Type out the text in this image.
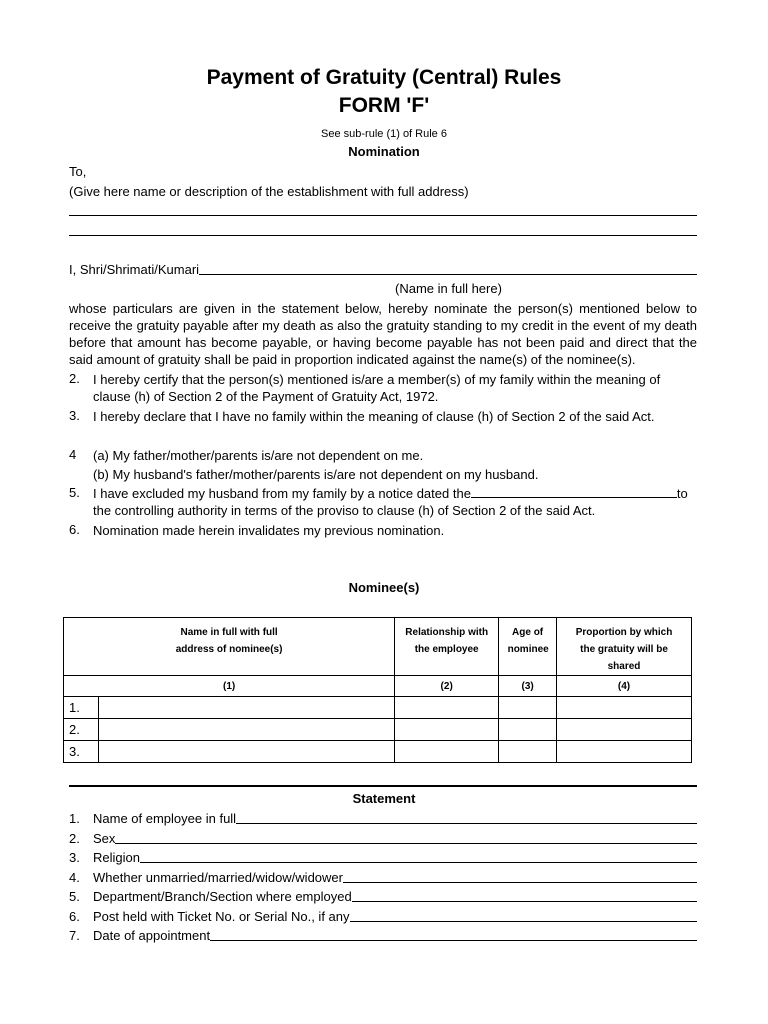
Payment of Gratuity (Central) Rules
FORM 'F'
See sub-rule (1) of Rule 6
Nomination
To,
(Give here name or description of the establishment with full address)
I, Shri/Shrimati/Kumari
(Name in full here)
whose particulars are given in the statement below, hereby nominate the person(s) mentioned below to receive the gratuity payable after my death as also the gratuity standing to my credit in the event of my death before that amount has become payable, or having become payable has not been paid and direct that the said amount of gratuity shall be paid in proportion indicated against the name(s) of the nominee(s).
2. I hereby certify that the person(s) mentioned is/are a member(s) of my family within the meaning of clause (h) of Section 2 of the Payment of Gratuity Act, 1972.
3. I hereby declare that I have no family within the meaning of clause (h) of Section 2 of the said Act.
4 (a) My father/mother/parents is/are not dependent on me.
(b) My husband's father/mother/parents is/are not dependent on my husband.
5. I have excluded my husband from my family by a notice dated the	to
the controlling authority in terms of the proviso to clause (h) of Section 2 of the said Act.
6. Nomination made herein invalidates my previous nomination.
Nominee(s)
Name in full with full address of nominee(s)		Relationship with the employee	Age of nominee	Proportion by which the gratuity will be shared

(1)		(2)	(3)	(4)
1.				
2.				
3.				
Statement
1.	Name of employee in full
2.	Sex
3.	Religion
4.	Whether unmarried/married/widow/widower
5.	Department/Branch/Section where employed
6.	Post held with Ticket No. or Serial No., if any
7.	Date of appointment
